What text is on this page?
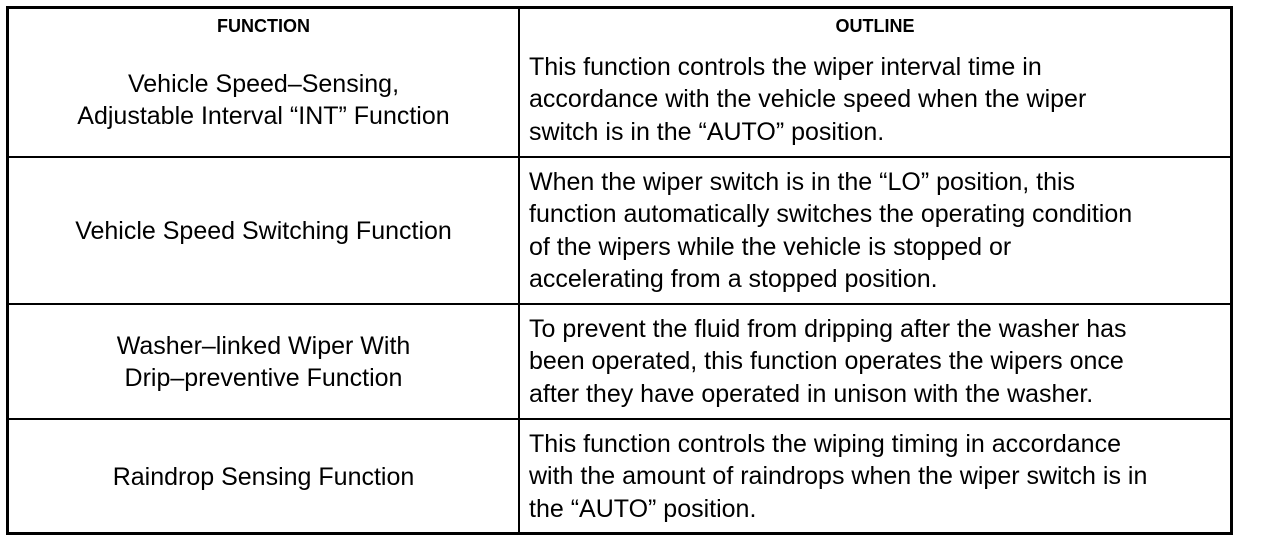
FUNCTION	OUTLINE

Vehicle Speed–Sensing,
Adjustable Interval “INT” Function	This function controls the wiper interval time in
accordance with the vehicle speed when the wiper
switch is in the “AUTO” position.

Vehicle Speed Switching Function	When the wiper switch is in the “LO” position, this
function automatically switches the operating condition
of the wipers while the vehicle is stopped or
accelerating from a stopped position.

Washer–linked Wiper With
Drip–preventive Function	To prevent the fluid from dripping after the washer has
been operated, this function operates the wipers once
after they have operated in unison with the washer.

Raindrop Sensing Function	This function controls the wiping timing in accordance
with the amount of raindrops when the wiper switch is in
the “AUTO” position.
